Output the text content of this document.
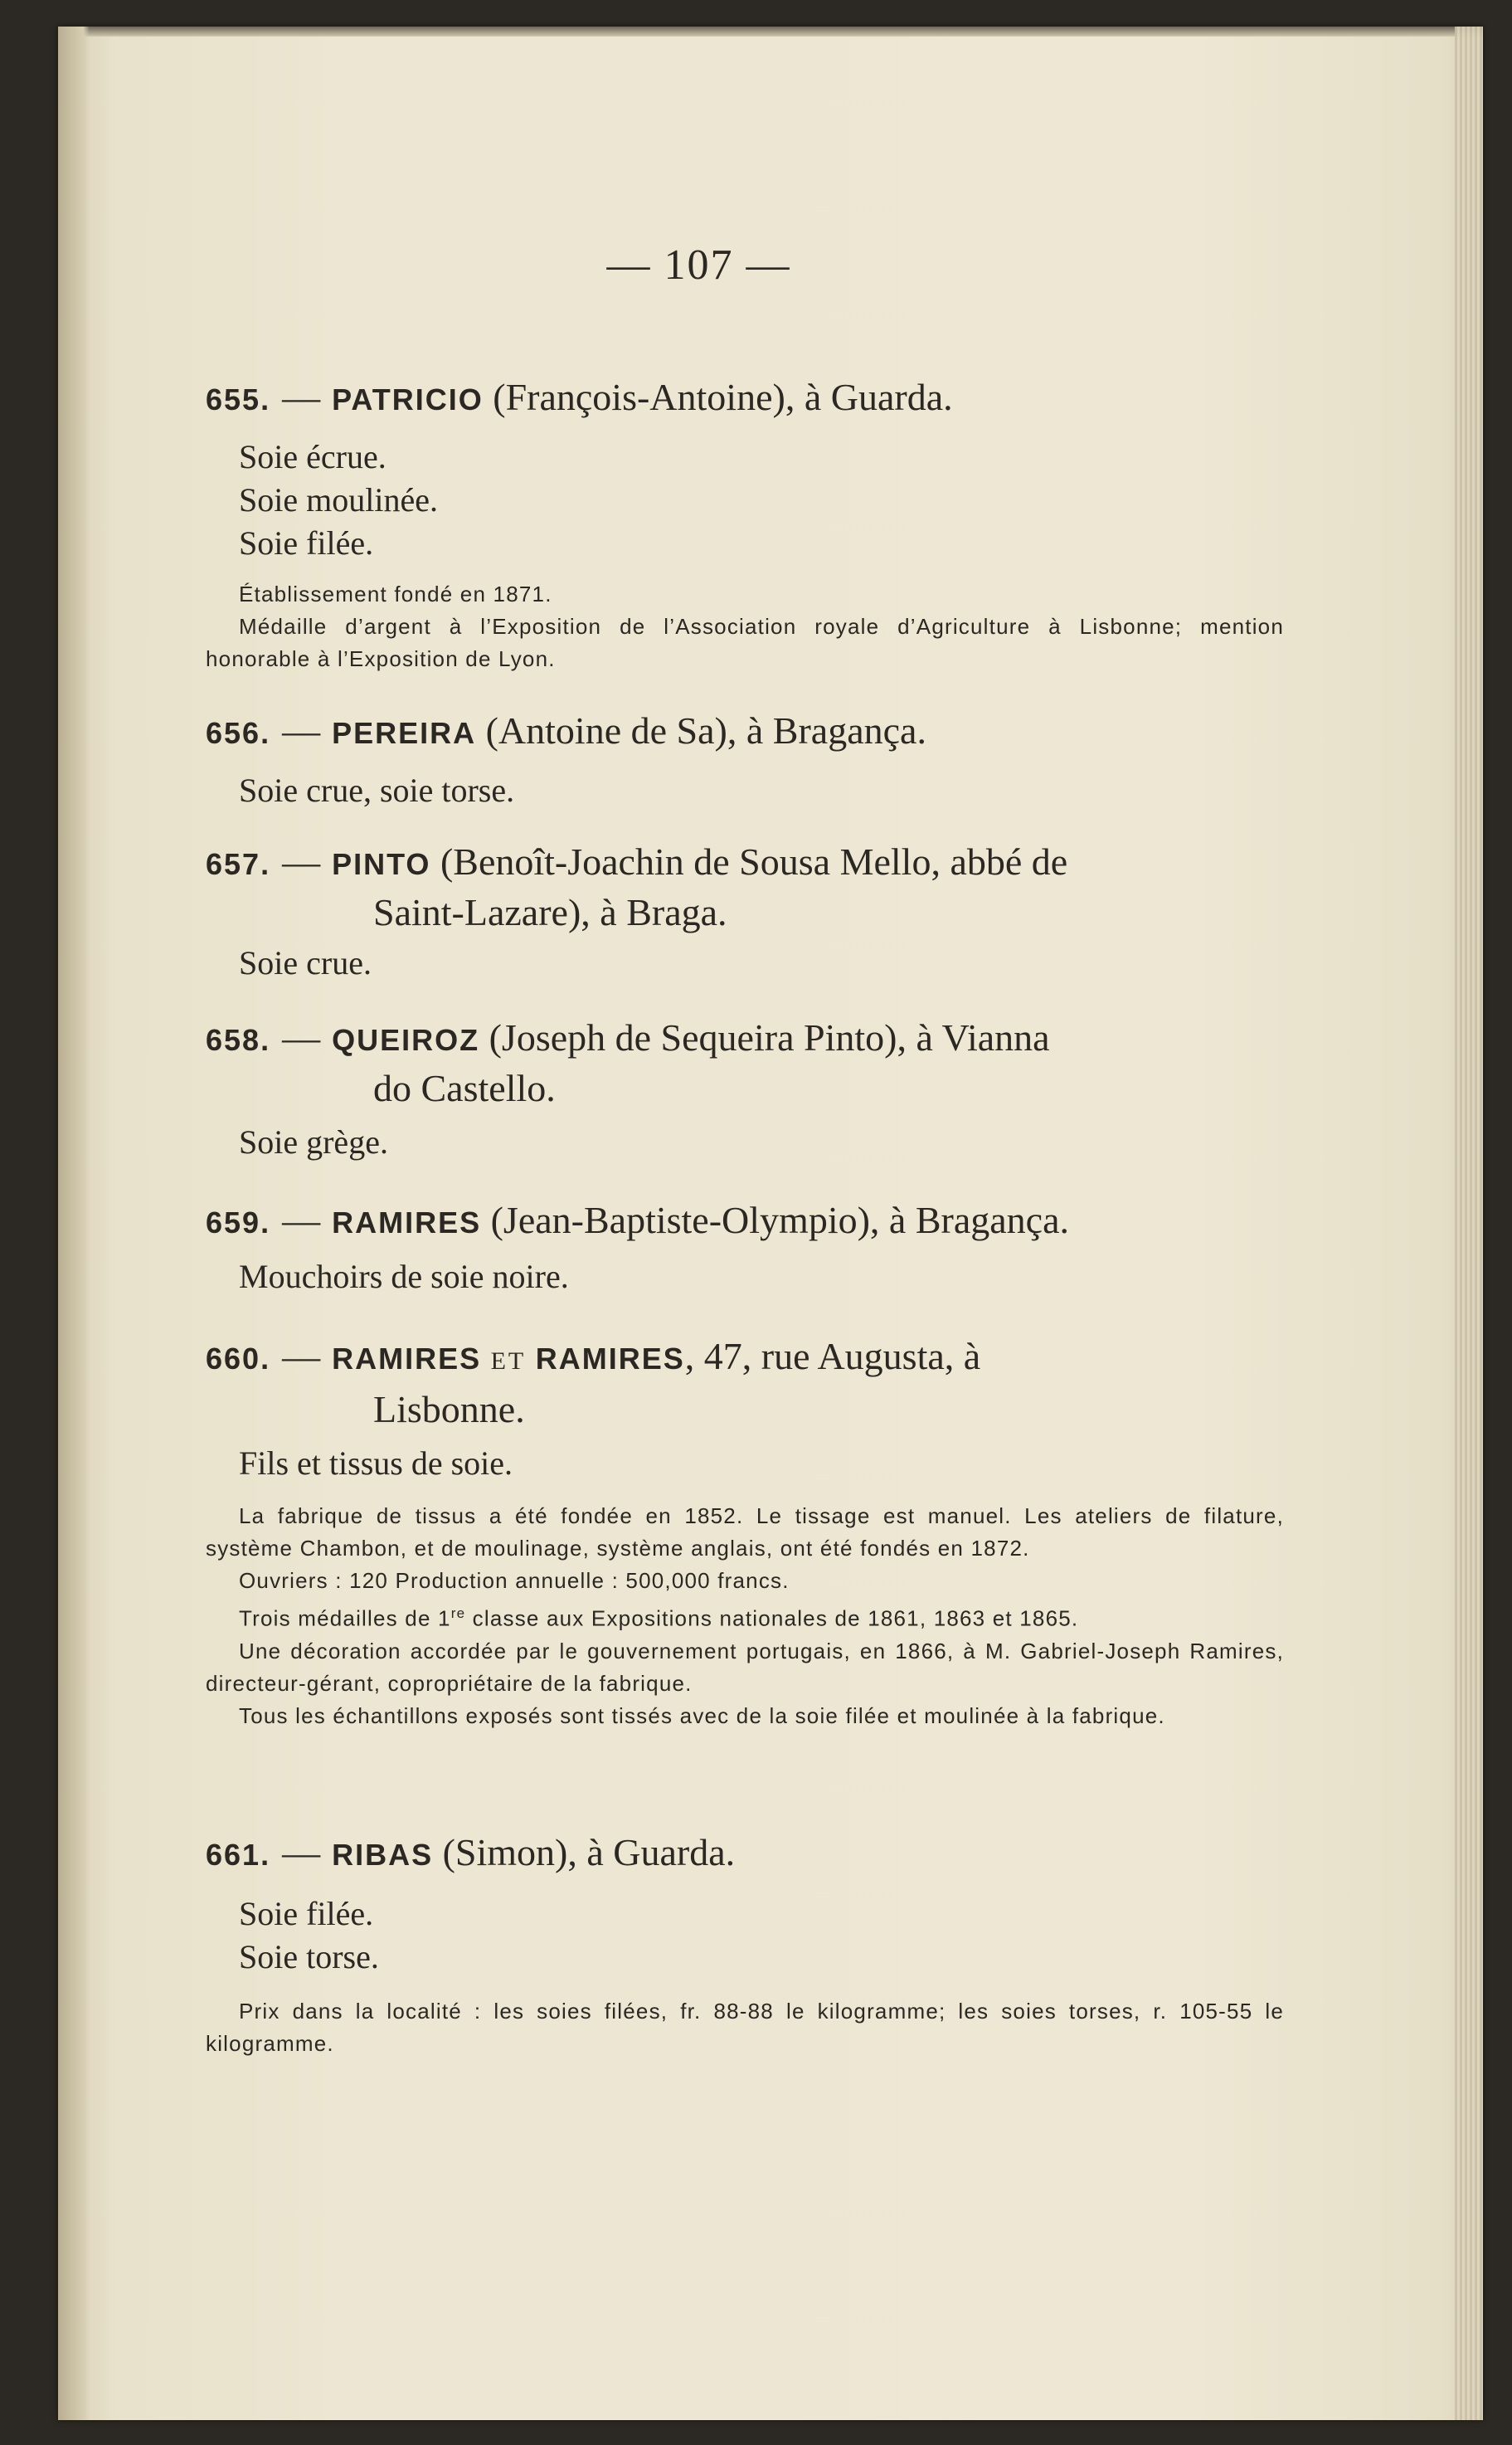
— 107 —
655. — PATRICIO (François-Antoine), à Guarda.
Soie écrue.
Soie moulinée.
Soie filée.

Établissement fondé en 1871.

Médaille d’argent à l’Exposition de l’Association royale d’Agriculture à Lisbonne; mention honorable à l’Exposition de Lyon.

656. — PEREIRA (Antoine de Sa), à Bragança.
Soie crue, soie torse.
657. — PINTO (Benoît-Joachin de Sousa Mello, abbé de
Saint-Lazare), à Braga.
Soie crue.
658. — QUEIROZ (Joseph de Sequeira Pinto), à Vianna
do Castello.
Soie grège.
659. — RAMIRES (Jean-Baptiste-Olympio), à Bragança.
Mouchoirs de soie noire.
660. — RAMIRES ET RAMIRES, 47, rue Augusta, à
Lisbonne.
Fils et tissus de soie.

La fabrique de tissus a été fondée en 1852. Le tissage est manuel. Les ateliers de filature, système Chambon, et de moulinage, système anglais, ont été fondés en 1872.

Ouvriers : 120 Production annuelle : 500,000 francs.

Trois médailles de 1re classe aux Expositions nationales de 1861, 1863 et 1865.

Une décoration accordée par le gouvernement portugais, en 1866, à M. Gabriel-Joseph Ramires, directeur-gérant, copropriétaire de la fabrique.

Tous les échantillons exposés sont tissés avec de la soie filée et moulinée à la fabrique.

661. — RIBAS (Simon), à Guarda.
Soie filée.
Soie torse.

Prix dans la localité : les soies filées, fr. 88-88 le kilogramme; les soies torses, r. 105-55 le kilogramme.
